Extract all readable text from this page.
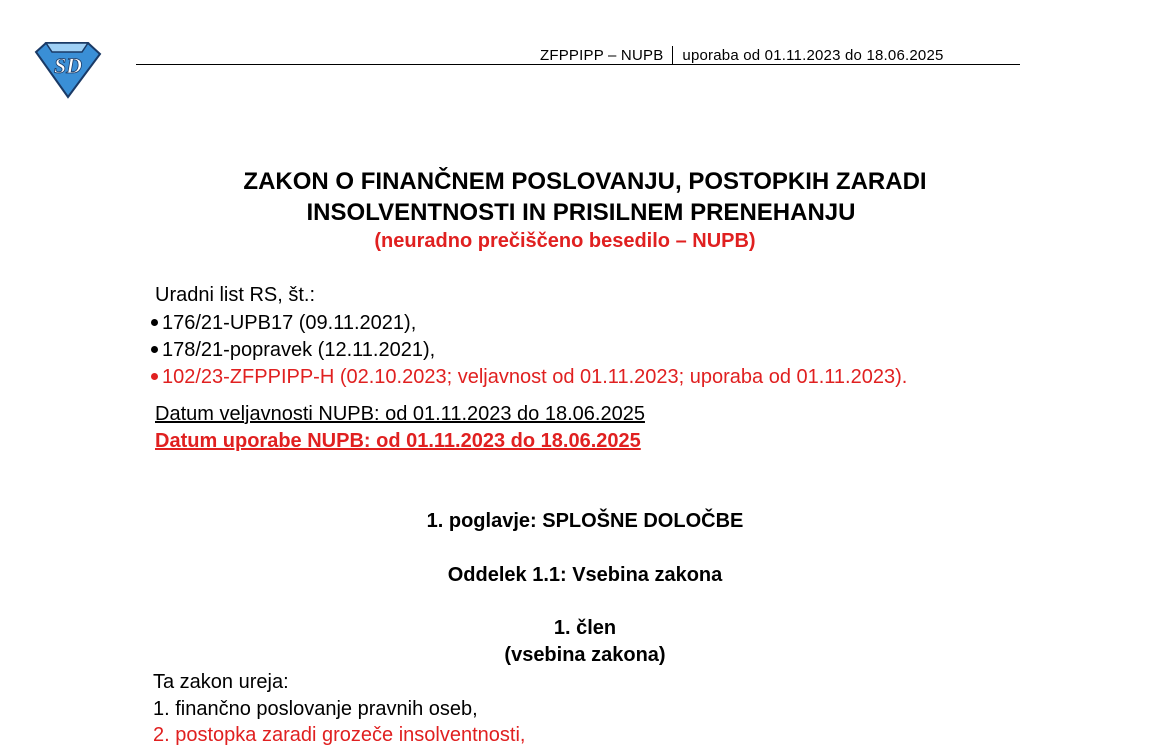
SD	ZFPPIPP – NUPB uporaba od 01.11.2023 do 18.06.2025
ZAKON O FINANČNEM POSLOVANJU, POSTOPKIH ZARADI
INSOLVENTNOSTI IN PRISILNEM PRENEHANJU
(neuradno prečiščeno besedilo – NUPB)
Uradni list RS, št.:
176/21-UPB17 (09.11.2021),
178/21-popravek (12.11.2021),
102/23-ZFPPIPP-H (02.10.2023; veljavnost od 01.11.2023; uporaba od 01.11.2023).
Datum veljavnosti NUPB: od 01.11.2023 do 18.06.2025
Datum uporabe NUPB: od 01.11.2023 do 18.06.2025
1. poglavje: SPLOŠNE DOLOČBE
Oddelek 1.1: Vsebina zakona
1. člen
(vsebina zakona)
Ta zakon ureja:
1. finančno poslovanje pravnih oseb,
2. postopka zaradi grozeče insolventnosti,
